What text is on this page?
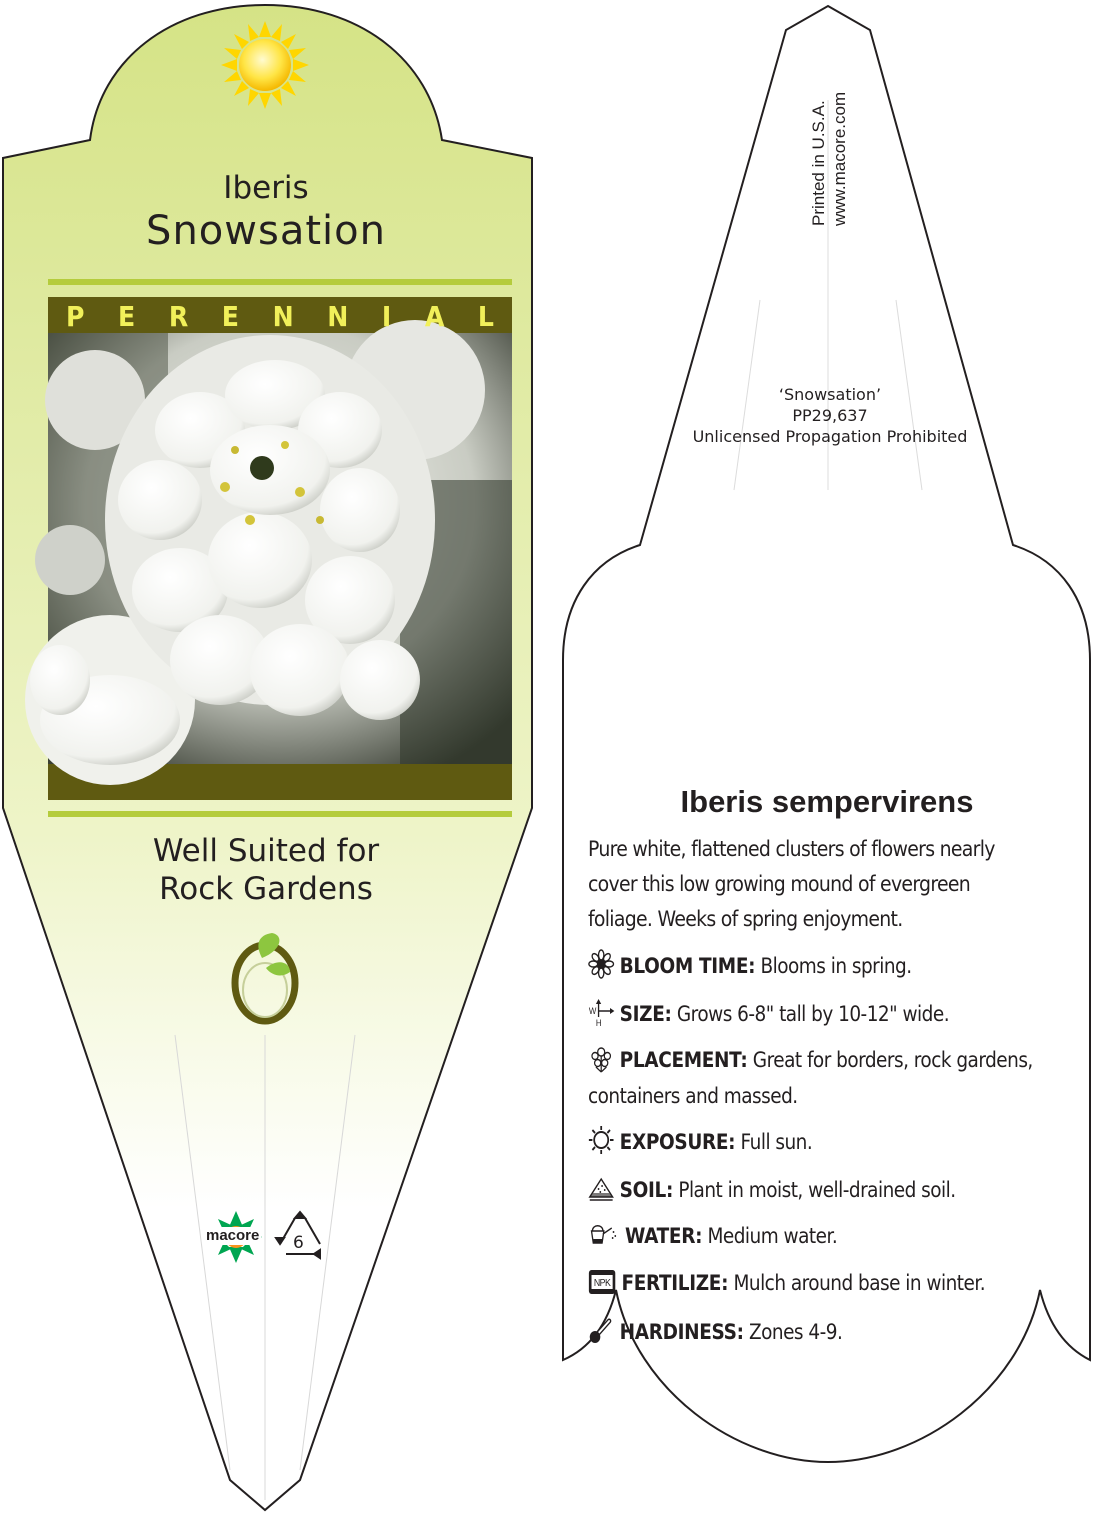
Iberis
Snowsation
P E R E N N I A L
Well Suited for
Rock Gardens
macore 6
Printed in U.S.A. www.macore.com
‘Snowsation’
PP29,637
Unlicensed Propagation Prohibited
Iberis sempervirens
Pure white, flattened clusters of flowers nearly
cover this low growing mound of evergreen
foliage. Weeks of spring enjoyment.
BLOOM TIME: Blooms in spring.
W
H SIZE: Grows 6-8" tall by 10-12" wide.
PLACEMENT: Great for borders, rock gardens,
containers and massed.
EXPOSURE: Full sun.
SOIL: Plant in moist, well-drained soil.
WATER: Medium water.
NPK FERTILIZE: Mulch around base in winter.
HARDINESS: Zones 4-9.
